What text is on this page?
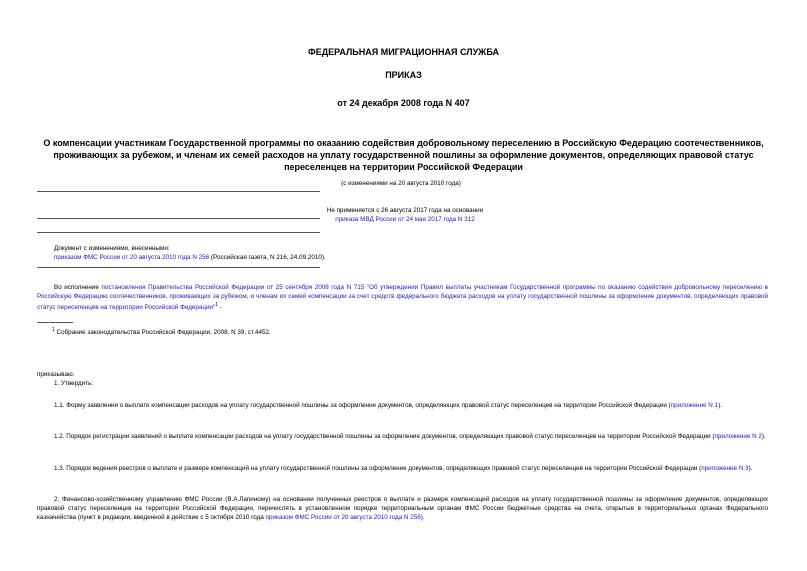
ФЕДЕРАЛЬНАЯ МИГРАЦИОННАЯ СЛУЖБА
ПРИКАЗ
от 24 декабря 2008 года N 407
О компенсации участникам Государственной программы по оказанию содействия добровольному переселению в Российскую Федерацию соотечественников,
проживающих за рубежом, и членам их семей расходов на уплату государственной пошлины за оформление документов, определяющих правовой статус
переселенцев на территории Российской Федерации
(с изменениями на 20 августа 2010 года)
Не применяется с 26 августа 2017 года на основании
приказа МВД России от 24 мая 2017 года N 312
Документ с изменениями, внесенными:
приказом ФМС России от 20 августа 2010 года N 256 (Российская газета, N 216, 24.09.2010).
Во исполнение постановления Правительства Российской Федерации от 25 сентября 2008 года N 715 "Об утверждении Правил выплаты участникам Государственной программы по оказанию содействия добровольному переселению в Российскую Федерацию соотечественников, проживающих за рубежом, и членам их семей компенсации за счет средств федерального бюджета расходов на уплату государственной пошлины за оформление документов, определяющих правовой статус переселенцев на территории Российской Федерации"$^1$ -
$^1$ Собрание законодательства Российской Федерации, 2008, N 39, ст.4452.
приказываю:
1. Утвердить:
1.1. Форму заявления о выплате компенсации расходов на уплату государственной пошлины за оформление документов, определяющих правовой статус переселенцев на территории Российской Федерации (приложение N 1).
1.2. Порядок регистрации заявлений о выплате компенсации расходов на уплату государственной пошлины за оформление документов, определяющих правовой статус переселенцев на территории Российской Федерации (приложение N 2).
1.3. Порядок ведения реестров о выплате и размере компенсаций на уплату государственной пошлины за оформление документов, определяющих правовой статус переселенцев на территории Российской Федерации (приложение N 3).
2. Финансово-хозяйственному управлению ФМС России (В.А.Лапиному) на основании полученных реестров о выплате и размере компенсаций расходов на уплату государственной пошлины за оформление документов, определяющих правовой статус переселенцев на территории Российской Федерации, перечислять в установленном порядке территориальным органам ФМС России бюджетные средства на счета, открытые в территориальных органах Федерального казначейства (пункт в редакции, введенной в действие с 5 октября 2010 года приказом ФМС России от 20 августа 2010 года N 256).
